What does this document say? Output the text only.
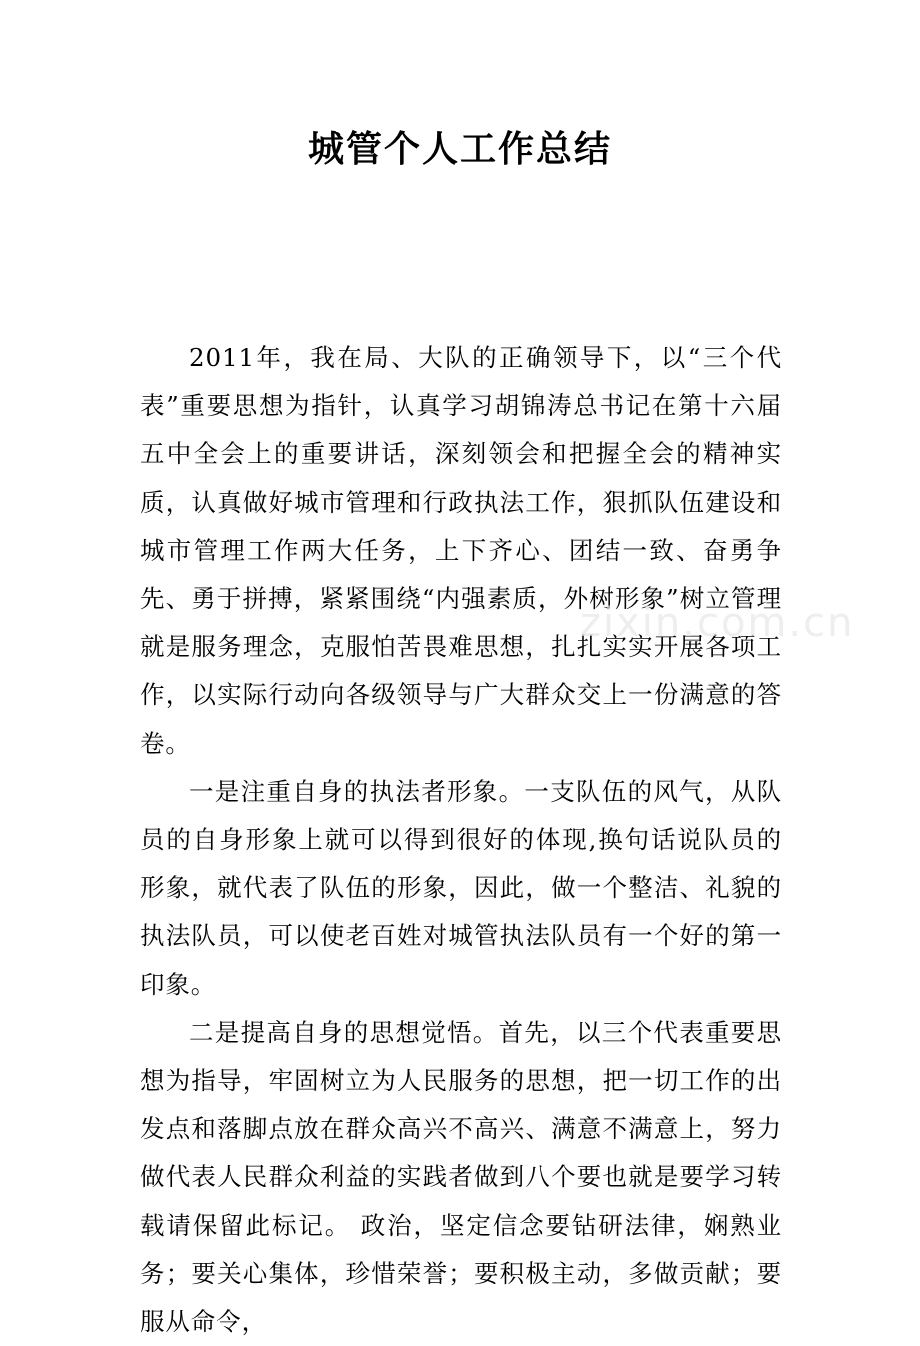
城管个人工作总结

2011年，我在局、大队的正确领导下，以“三个代表”重要思想为指针，认真学习胡锦涛总书记在第十六届五中全会上的重要讲话，深刻领会和把握全会的精神实质，认真做好城市管理和行政执法工作，狠抓队伍建设和城市管理工作两大任务，上下齐心、团结一致、奋勇争先、勇于拼搏，紧紧围绕“内强素质，外树形象”树立管理就是服务理念，克服怕苦畏难思想，扎扎实实开展各项工作，以实际行动向各级领导与广大群众交上一份满意的答卷。

一是注重自身的执法者形象。一支队伍的风气，从队员的自身形象上就可以得到很好的体现,换句话说队员的形象，就代表了队伍的形象，因此，做一个整洁、礼貌的执法队员，可以使老百姓对城管执法队员有一个好的第一印象。

二是提高自身的思想觉悟。首先，以三个代表重要思想为指导，牢固树立为人民服务的思想，把一切工作的出发点和落脚点放在群众高兴不高兴、满意不满意上，努力做代表人民群众利益的实践者做到八个要也就是要学习转载请保留此标记。 政治，坚定信念要钻研法律，娴熟业务；要关心集体，珍惜荣誉；要积极主动，多做贡献；要服从命令，

zixin.com.cn
